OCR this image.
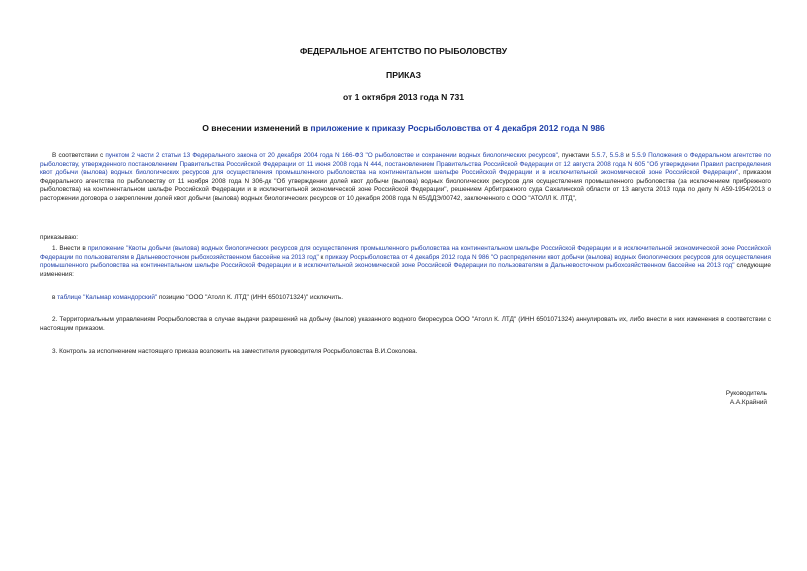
ФЕДЕРАЛЬНОЕ АГЕНТСТВО ПО РЫБОЛОВСТВУ
ПРИКАЗ
от 1 октября 2013 года N 731
О внесении изменений в приложение к приказу Росрыболовства от 4 декабря 2012 года N 986
В соответствии с пунктом 2 части 2 статьи 13 Федерального закона от 20 декабря 2004 года N 166-ФЗ "О рыболовстве и сохранении водных биологических ресурсов", пунктами 5.5.7, 5.5.8 и 5.5.9 Положения о Федеральном агентстве по рыболовству, утвержденного постановлением Правительства Российской Федерации от 11 июня 2008 года N 444, постановлением Правительства Российской Федерации от 12 августа 2008 года N 605 "Об утверждении Правил распределения квот добычи (вылова) водных биологических ресурсов для осуществления промышленного рыболовства на континентальном шельфе Российской Федерации и в исключительной экономической зоне Российской Федерации", приказом Федерального агентства по рыболовству от 11 ноября 2008 года N 306-дк "Об утверждении долей квот добычи (вылова) водных биологических ресурсов для осуществления промышленного рыболовства (за исключением прибрежного рыболовства) на континентальном шельфе Российской Федерации и в исключительной экономической зоне Российской Федерации", решением Арбитражного суда Сахалинской области от 13 августа 2013 года по делу N А59-1954/2013 о расторжении договора о закреплении долей квот добычи (вылова) водных биологических ресурсов от 10 декабря 2008 года N 65/ДДЭ/00742, заключенного с ООО "АТОЛЛ К. ЛТД",
приказываю:
1. Внести в приложение "Квоты добычи (вылова) водных биологических ресурсов для осуществления промышленного рыболовства на континентальном шельфе Российской Федерации и в исключительной экономической зоне Российской Федерации по пользователям в Дальневосточном рыбохозяйственном бассейне на 2013 год" к приказу Росрыболовства от 4 декабря 2012 года N 986 "О распределении квот добычи (вылова) водных биологических ресурсов для осуществления промышленного рыболовства на континентальном шельфе Российской Федерации и в исключительной экономической зоне Российской Федерации по пользователям в Дальневосточном рыбохозяйственном бассейне на 2013 год" следующие изменения:
в таблице "Кальмар командорский" позицию "ООО "Атолл К. ЛТД" (ИНН 6501071324)" исключить.
2. Территориальным управлениям Росрыболовства в случае выдачи разрешений на добычу (вылов) указанного водного биоресурса ООО "Атолл К. ЛТД" (ИНН 6501071324) аннулировать их, либо внести в них изменения в соответствии с настоящим приказом.
3. Контроль за исполнением настоящего приказа возложить на заместителя руководителя Росрыболовства В.И.Соколова.
Руководитель
А.А.Крайний
